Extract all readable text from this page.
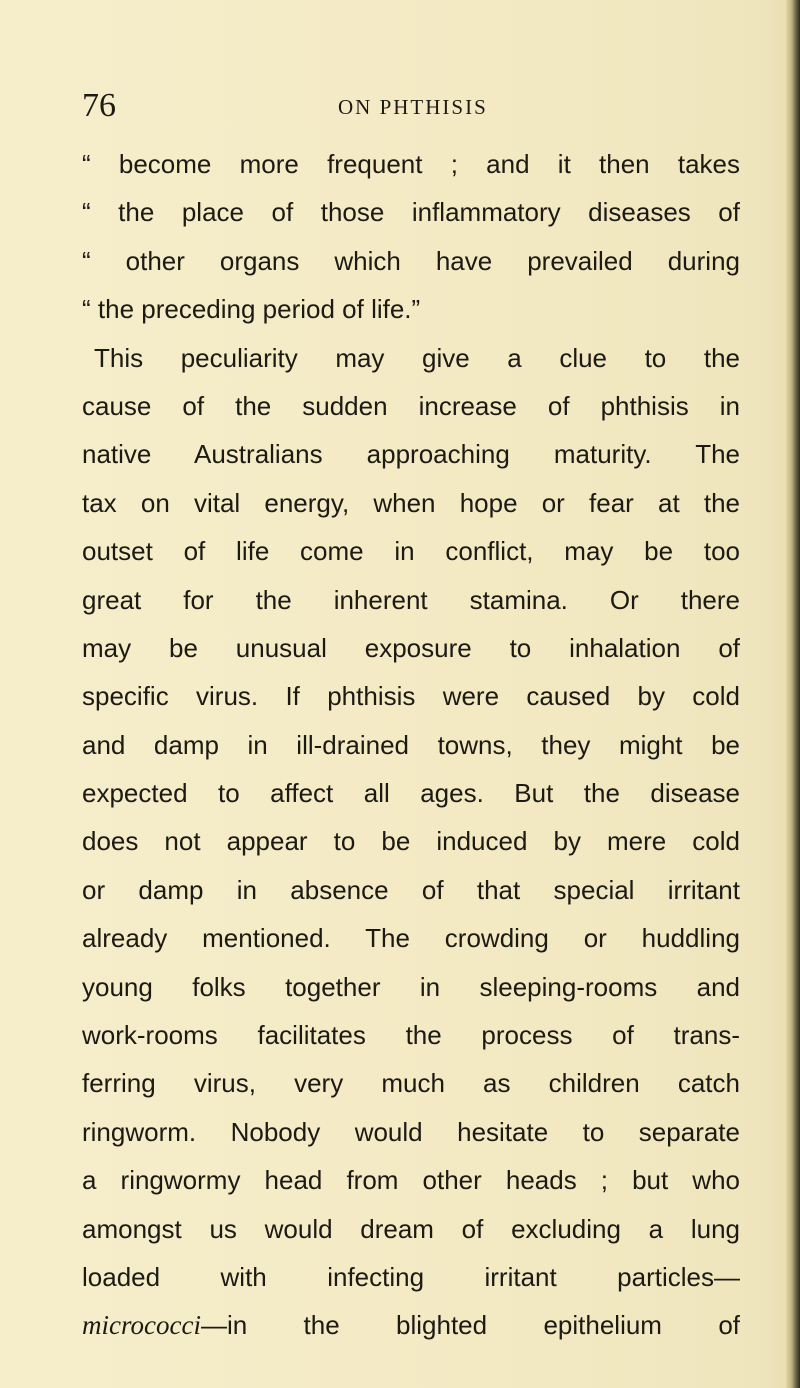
76	ON PHTHISIS
“ become more frequent ; and it then takes
“ the place of those inflammatory diseases of
“ other organs which have prevailed during
“ the preceding period of life.”
This peculiarity may give a clue to the
cause of the sudden increase of phthisis in
native Australians approaching maturity. The
tax on vital energy, when hope or fear at the
outset of life come in conflict, may be too
great for the inherent stamina. Or there
may be unusual exposure to inhalation of
specific virus. If phthisis were caused by cold
and damp in ill-drained towns, they might be
expected to affect all ages. But the disease
does not appear to be induced by mere cold
or damp in absence of that special irritant
already mentioned. The crowding or huddling
young folks together in sleeping-rooms and
work-rooms facilitates the process of trans-
ferring virus, very much as children catch
ringworm. Nobody would hesitate to separate
a ringwormy head from other heads ; but who
amongst us would dream of excluding a lung
loaded with infecting irritant particles—
micrococci—in the blighted epithelium of
